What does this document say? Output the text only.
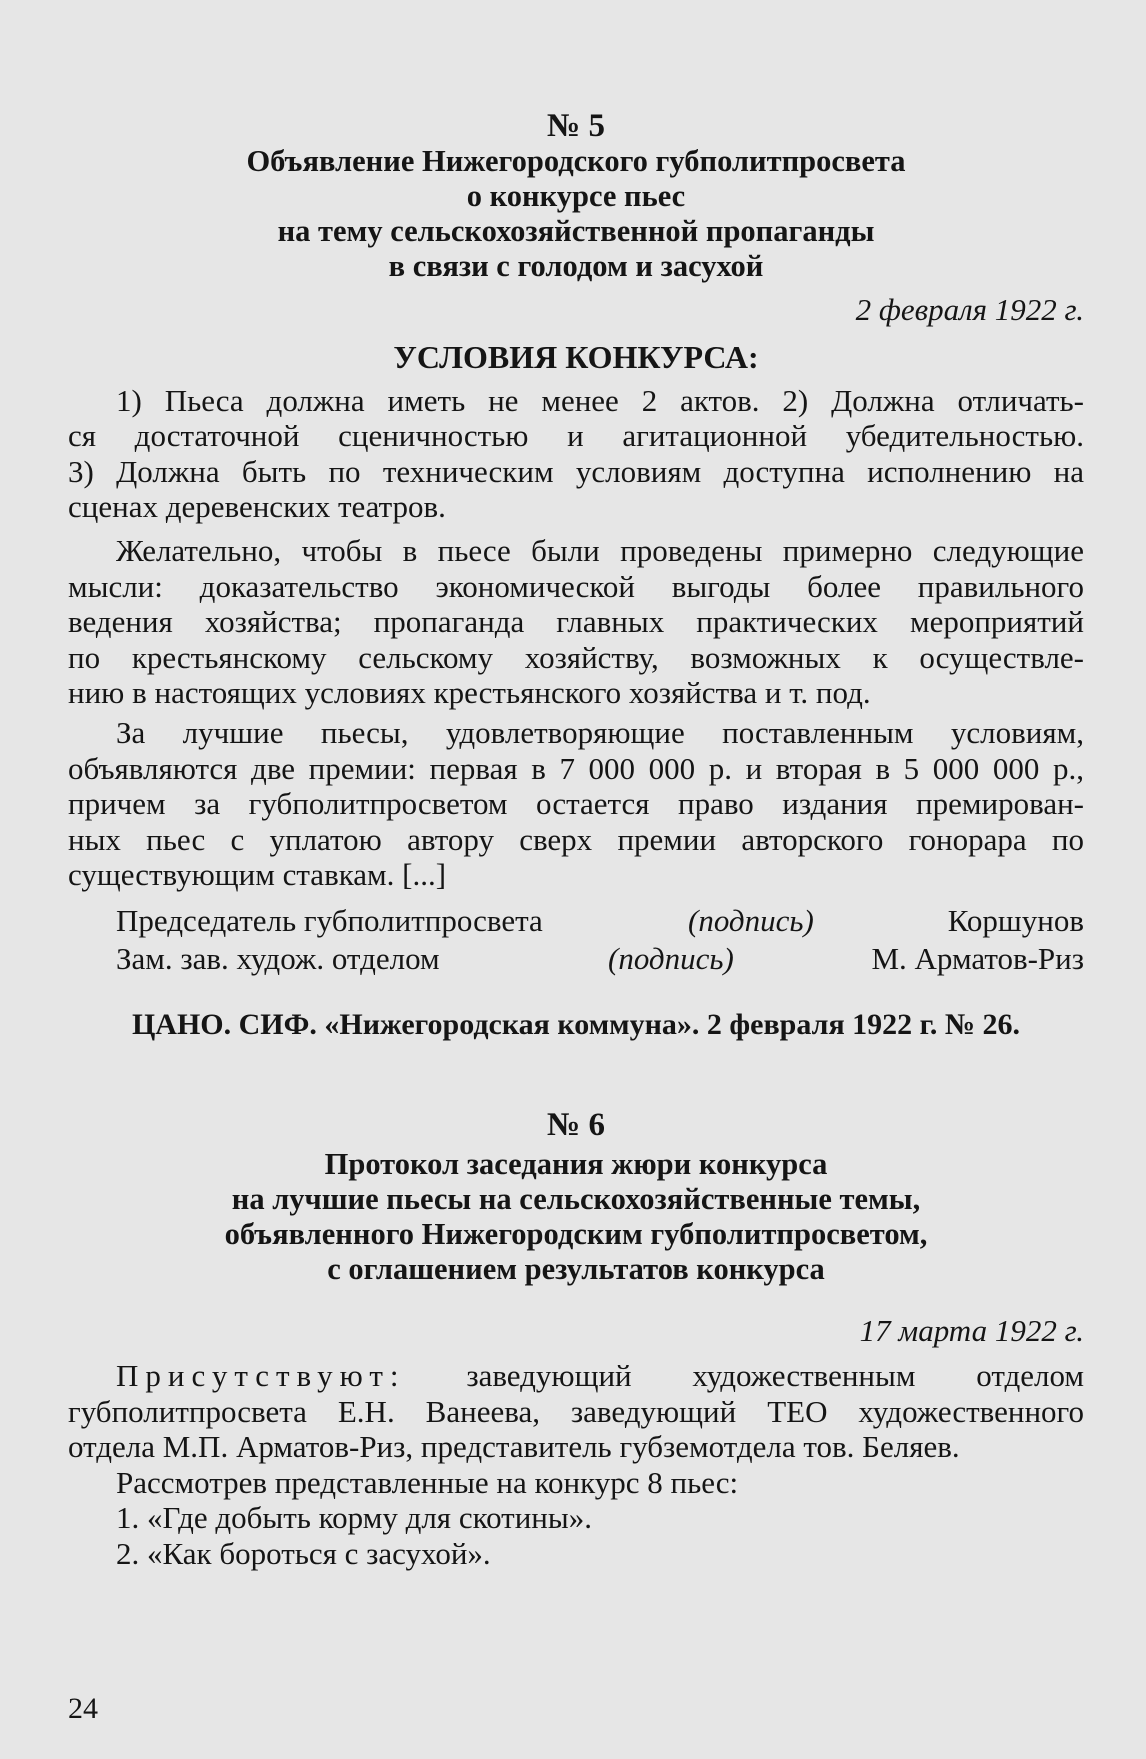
№ 5
Объявление Нижегородского губполитпросвета
о конкурсе пьес
на тему сельскохозяйственной пропаганды
в связи с голодом и засухой
2 февраля 1922 г.
УСЛОВИЯ КОНКУРСА:
1) Пьеса должна иметь не менее 2 актов. 2) Должна отличать-
ся достаточной сценичностью и агитационной убедительностью.
3) Должна быть по техническим условиям доступна исполнению на
сценах деревенских театров.
Желательно, чтобы в пьесе были проведены примерно следующие
мысли: доказательство экономической выгоды более правильного
ведения хозяйства; пропаганда главных практических мероприятий
по крестьянскому сельскому хозяйству, возможных к осуществле-
нию в настоящих условиях крестьянского хозяйства и т. под.
За лучшие пьесы, удовлетворяющие поставленным условиям,
объявляются две премии: первая в 7 000 000 р. и вторая в 5 000 000 р.,
причем за губполитпросветом остается право издания премирован-
ных пьес с уплатою автору сверх премии авторского гонорара по
существующим ставкам. [...]
Председатель губполитпросвета	(подпись)	Коршунов
Зам. зав. худож. отделом	(подпись)	М. Арматов-Риз
ЦАНО. СИФ. «Нижегородская коммуна». 2 февраля 1922 г. № 26.
№ 6
Протокол заседания жюри конкурса
на лучшие пьесы на сельскохозяйственные темы,
объявленного Нижегородским губполитпросветом,
с оглашением результатов конкурса
17 марта 1922 г.
Присутствуют: заведующий художественным отделом
губполитпросвета Е.Н. Ванеева, заведующий ТЕО художественного
отдела М.П. Арматов-Риз, представитель губземотдела тов. Беляев.
Рассмотрев представленные на конкурс 8 пьес:
1. «Где добыть корму для скотины».
2. «Как бороться с засухой».
24
